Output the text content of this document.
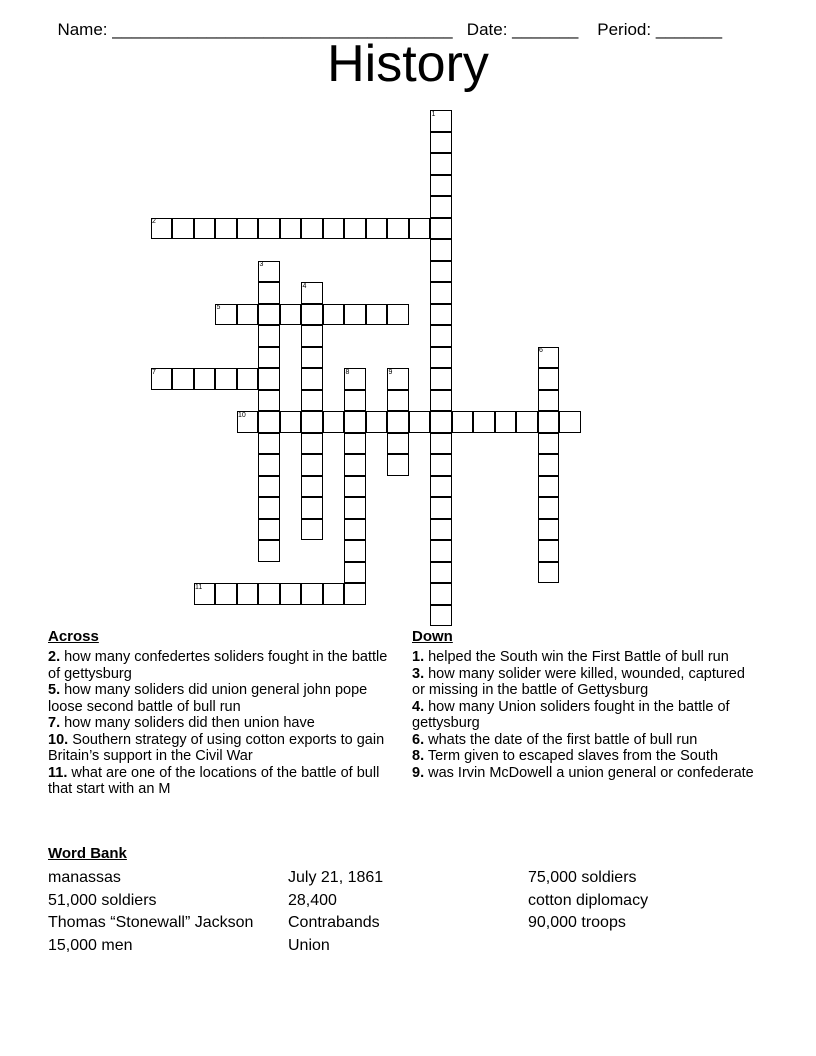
Name: ____________________________________ Date: _______ Period: _______

History
1
2
3
4
5
6
7	8	9
10
11
Across

2. how many confedertes soliders fought in the battle of gettysburg

5. how many soliders did union general john pope loose second battle of bull run

7. how many soliders did then union have

10. Southern strategy of using cotton exports to gain Britain’s support in the Civil War

11. what are one of the locations of the battle of bull that start with an M

Down

1. helped the South win the First Battle of bull run

3. how many solider were killed, wounded, captured or missing in the battle of Gettysburg

4. how many Union soliders fought in the battle of gettysburg

6. whats the date of the first battle of bull run

8. Term given to escaped slaves from the South

9. was Irvin McDowell a union general or confederate

Word Bank
manassas
51,000 soldiers
Thomas “Stonewall” Jackson
15,000 men
July 21, 1861
28,400
Contrabands
Union
75,000 soldiers
cotton diplomacy
90,000 troops
